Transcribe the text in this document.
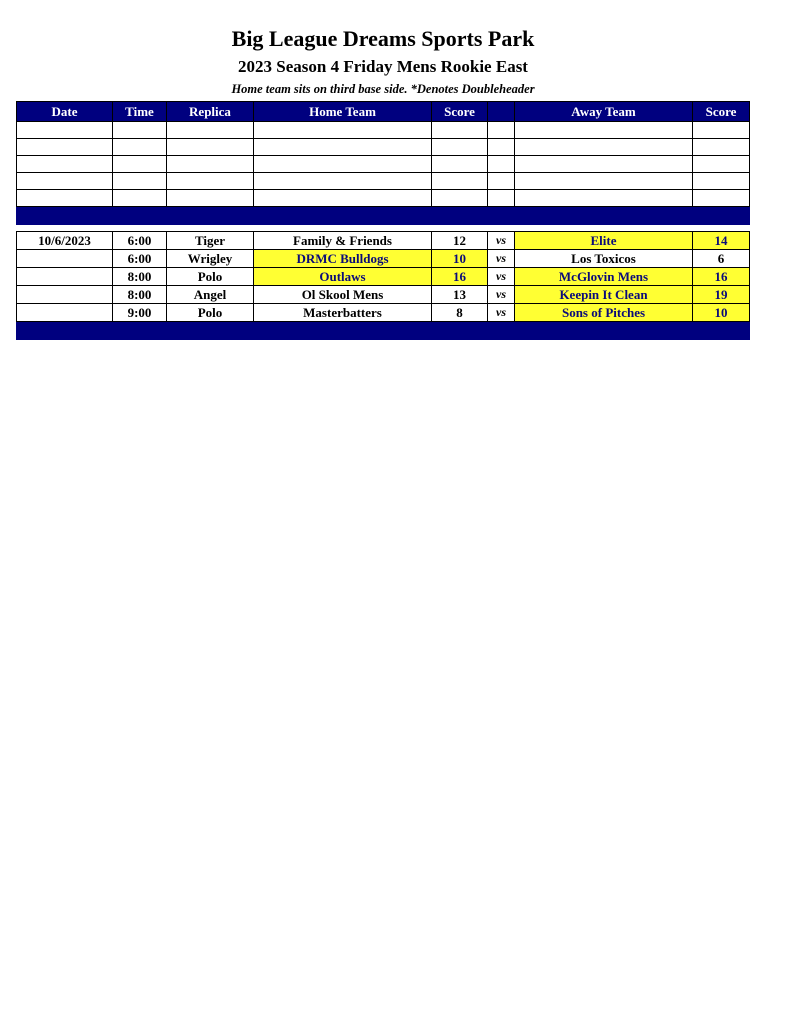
Big League Dreams Sports Park
2023 Season 4 Friday Mens Rookie East
Home team sits on third base side. *Denotes Doubleheader
Date	Time	Replica	Home Team	Score		Away Team	Score

10/6/2023	6:00	Tiger	Family & Friends	12	vs	Elite	14
	6:00	Wrigley	DRMC Bulldogs	10	vs	Los Toxicos	6
	8:00	Polo	Outlaws	16	vs	McGlovin Mens	16
	8:00	Angel	Ol Skool Mens	13	vs	Keepin It Clean	19
	9:00	Polo	Masterbatters	8	vs	Sons of Pitches	10
